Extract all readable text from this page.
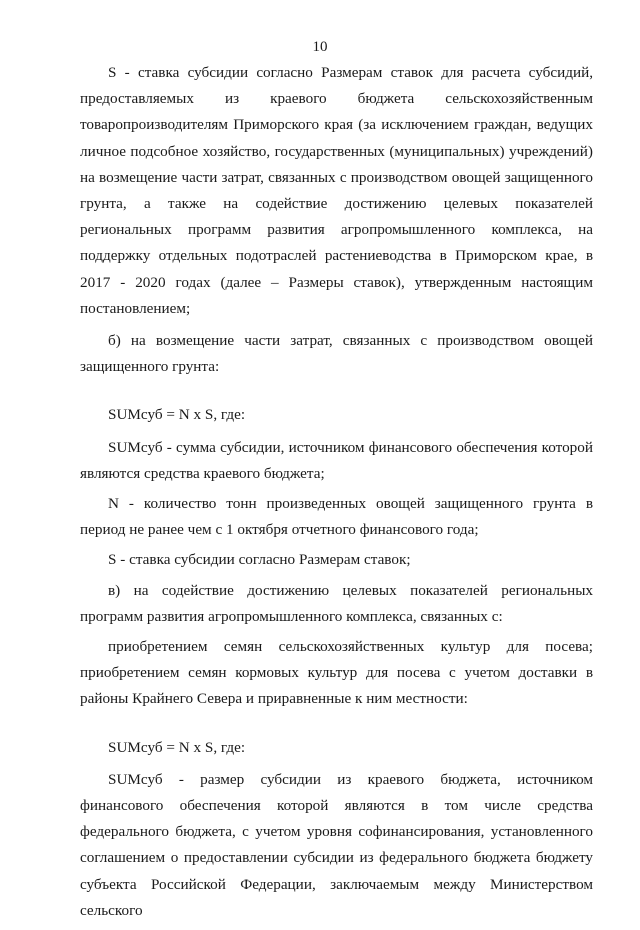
10

S - ставка субсидии согласно Размерам ставок для расчета субсидий, предоставляемых из краевого бюджета сельскохозяйственным товаропроизводителям Приморского края (за исключением граждан, ведущих личное подсобное хозяйство, государственных (муниципальных) учреждений) на возмещение части затрат, связанных с производством овощей защищенного грунта, а также на содействие достижению целевых показателей региональных программ развития агропромышленного комплекса, на поддержку отдельных подотраслей растениеводства в Приморском крае, в 2017 - 2020 годах (далее – Размеры ставок), утвержденным настоящим постановлением;

б) на возмещение части затрат, связанных с производством овощей защищенного грунта:

SUMсуб = N x S, где:

SUMсуб - сумма субсидии, источником финансового обеспечения которой являются средства краевого бюджета;

N - количество тонн произведенных овощей защищенного грунта в период не ранее чем с 1 октября отчетного финансового года;

S - ставка субсидии согласно Размерам ставок;

в) на содействие достижению целевых показателей региональных программ развития агропромышленного комплекса, связанных с:

приобретением семян сельскохозяйственных культур для посева; приобретением семян кормовых культур для посева с учетом доставки в районы Крайнего Севера и приравненные к ним местности:

SUMсуб = N x S, где:

SUMсуб - размер субсидии из краевого бюджета, источником финансового обеспечения которой являются в том числе средства федерального бюджета, с учетом уровня софинансирования, установленного соглашением о предоставлении субсидии из федерального бюджета бюджету субъекта Российской Федерации, заключаемым между Министерством сельского
